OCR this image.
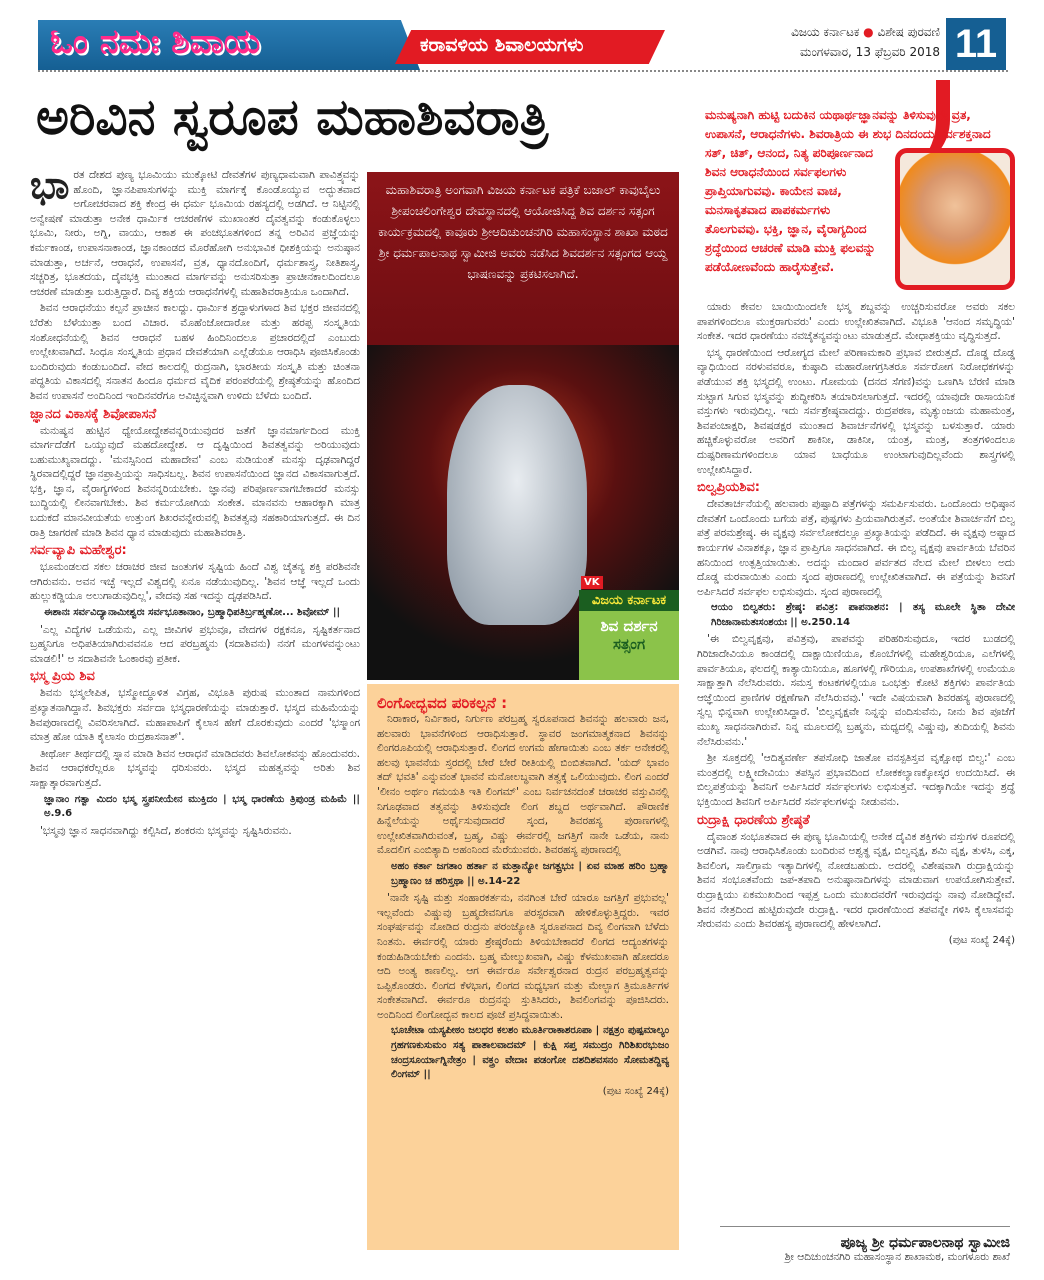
ಓಂ ನಮಃ ಶಿವಾಯ	ಕರಾವಳಿಯ ಶಿವಾಲಯಗಳು
ವಿಜಯ ಕರ್ನಾಟಕ ● ವಿಶೇಷ ಪುರವಣಿ
ಮಂಗಳವಾರ, 13 ಫೆಬ್ರವರಿ 2018 11
ಅರಿವಿನ ಸ್ವರೂಪ ಮಹಾಶಿವರಾತ್ರಿ

ಭಾರತ ದೇಶದ ಪುಣ್ಯ ಭೂಮಿಯು ಮುಕ್ಕೋಟಿ ದೇವತೆಗಳ ಪುಣ್ಯಧಾಮವಾಗಿ ಪಾವಿತ್ರ್ಯವನ್ನು ಹೊಂದಿ, ಜ್ಞಾನಪಿಪಾಸುಗಳನ್ನು ಮುಕ್ತಿ ಮಾರ್ಗಕ್ಕೆ ಕೊಂಡೊಯ್ಯುವ ಅದ್ಭುತವಾದ ಅಗೋಚರವಾದ ಶಕ್ತಿ ಕೇಂದ್ರ ಈ ಧರ್ಮ ಭೂಮಿಯ ರಹಸ್ಯದಲ್ಲಿ ಅಡಗಿದೆ. ಆ ನಿಟ್ಟಿನಲ್ಲಿ ಅನ್ವೇಷಣೆ ಮಾಡುತ್ತಾ ಅನೇಕ ಧಾರ್ಮಿಕ ಆಚರಣೆಗಳ ಮುಖಾಂತರ ದೈವತ್ವವನ್ನು ಕಂಡುಕೊಳ್ಳಲು ಭೂಮಿ, ನೀರು, ಅಗ್ನಿ, ವಾಯು, ಆಕಾಶ ಈ ಪಂಚಭೂತಗಳಿಂದ ತನ್ನ ಅರಿವಿನ ಪ್ರಜ್ಞೆಯನ್ನು ಕರ್ಮಕಾಂಡ, ಉಪಾಸನಾಕಾಂಡ, ಜ್ಞಾನಕಾಂಡದ ಮೊರೆಹೋಗಿ ಅನುಭಾವಿಕ ಧೀಶಕ್ತಿಯನ್ನು ಅನುಷ್ಠಾನ ಮಾಡುತ್ತಾ, ಅರ್ಚನೆ, ಆರಾಧನೆ, ಉಪಾಸನೆ, ವ್ರತ, ಧ್ಯಾನದೊಂದಿಗೆ, ಧರ್ಮಶಾಸ್ತ್ರ, ನೀತಿಶಾಸ್ತ್ರ, ಸಚ್ಚರಿತ್ರ, ಭೂತದಯ, ದೈವಭಕ್ತಿ ಮುಂತಾದ ಮಾರ್ಗವನ್ನು ಅನುಸರಿಸುತ್ತಾ ಪ್ರಾಚೀನಕಾಲದಿಂದಲೂ ಆಚರಣೆ ಮಾಡುತ್ತಾ ಬರುತ್ತಿದ್ದಾರೆ. ದಿವ್ಯ ಶಕ್ತಿಯ ಆರಾಧನೆಗಳಲ್ಲಿ ಮಹಾಶಿವರಾತ್ರಿಯೂ ಒಂದಾಗಿದೆ.

ಶಿವನ ಆರಾಧನೆಯು ಕಲ್ಪನೆ ಪ್ರಾಚೀನ ಕಾಲದ್ದು. ಧಾರ್ಮಿಕ ಶ್ರದ್ಧಾಳುಗಳಾದ ಶಿವ ಭಕ್ತರ ಜೀವನದಲ್ಲಿ ಬೆರೆತು ಬೆಳೆಯುತ್ತಾ ಬಂದ ವಿಚಾರ. ಮೊಹೆಂಜೋದಾರೋ ಮತ್ತು ಹರಪ್ಪ ಸಂಸ್ಕೃತಿಯ ಸಂಶೋಧನೆಯಲ್ಲಿ ಶಿವನ ಆರಾಧನೆ ಬಹಳ ಹಿಂದಿನಿಂದಲೂ ಪ್ರಚಾರದಲ್ಲಿದೆ ಎಂಬುದು ಉಲ್ಲೇಖವಾಗಿದೆ. ಸಿಂಧೂ ಸಂಸ್ಕೃತಿಯ ಪ್ರಧಾನ ದೇವತೆಯಾಗಿ ಎಲ್ಲೆಡೆಯೂ ಆರಾಧಿಸಿ ಪೂಜಿಸಿಕೊಂಡು ಬಂದಿರುವುದು ಕಂಡುಬಂದಿದೆ. ವೇದ ಕಾಲದಲ್ಲಿ ರುದ್ರನಾಗಿ, ಭಾರತೀಯ ಸಂಸ್ಕೃತಿ ಮತ್ತು ಚಿಂತನಾ ಪದ್ಧತಿಯ ವಿಕಾಸದಲ್ಲಿ ಸನಾತನ ಹಿಂದೂ ಧರ್ಮದ ವೈದಿಕ ಪರಂಪರೆಯಲ್ಲಿ ಶ್ರೇಷ್ಠತೆಯನ್ನು ಹೊಂದಿದ ಶಿವನ ಉಪಾಸನೆ ಅಂದಿನಿಂದ ಇಂದಿನವರೆಗೂ ಅವಿಚ್ಛಿನ್ನವಾಗಿ ಉಳಿದು ಬೆಳೆದು ಬಂದಿದೆ.

ಜ್ಞಾನದ ವಿಕಾಸಕ್ಕೆ ಶಿವೋಪಾಸನೆ

ಮನುಷ್ಯನ ಹುಟ್ಟಿನ ಧ್ಯೇಯೋದ್ದೇಶವನ್ನರಿಯುವುದರ ಜತೆಗೆ ಜ್ಞಾನಮಾರ್ಗದಿಂದ ಮುಕ್ತಿ ಮಾರ್ಗದೆಡೆಗೆ ಒಯ್ಯುವುದೆ ಮಹದೋದ್ದೇಶ. ಆ ದೃಷ್ಟಿಯಿಂದ ಶಿವತತ್ವವನ್ನು ಅರಿಯುವುದು ಬಹುಮುಖ್ಯವಾದದ್ದು. 'ಮನಸ್ಸಿನಿಂದ ಮಹಾದೇವ' ಎಂಬ ನುಡಿಯಂತೆ ಮನಸ್ಸು ದೃಢವಾಗಿದ್ದರೆ ಸ್ಥಿರವಾದಲ್ಲಿದ್ದರೆ ಜ್ಞಾನಪ್ರಾಪ್ತಿಯನ್ನು ಸಾಧಿಸಬಲ್ಲ. ಶಿವನ ಉಪಾಸನೆಯಿಂದ ಜ್ಞಾನದ ವಿಕಾಸವಾಗುತ್ತದೆ. ಭಕ್ತಿ, ಜ್ಞಾನ, ವೈರಾಗ್ಯಗಳಿಂದ ಶಿವನನ್ನರಿಯಬೇಕು. ಜ್ಞಾನವು ಪರಿಪೂರ್ಣವಾಗಬೇಕಾದರೆ ಮನಸ್ಸು ಬುದ್ಧಿಯಲ್ಲಿ ಲೀನವಾಗಬೇಕು. ಶಿವ ಕರ್ಮಯೋಗಿಯ ಸಂಕೇತ. ಮಾನವನು ಆಹಾರಕ್ಕಾಗಿ ಮಾತ್ರ ಬದುಕದೆ ಮಾನವೀಯತೆಯ ಉತ್ತುಂಗ ಶಿಖರವನ್ನೇರುವಲ್ಲಿ ಶಿವತತ್ವವು ಸಹಕಾರಿಯಾಗುತ್ತದೆ. ಈ ದಿನ ರಾತ್ರಿ ಜಾಗರಣೆ ಮಾಡಿ ಶಿವನ ಧ್ಯಾನ ಮಾಡುವುದು ಮಹಾಶಿವರಾತ್ರಿ.

ಸರ್ವವ್ಯಾಪಿ ಮಹೇಶ್ವರ:

ಭೂಮಂಡಲದ ಸಕಲ ಚರಾಚರ ಜೀವ ಜಂತುಗಳ ಸೃಷ್ಟಿಯ ಹಿಂದೆ ವಿಶ್ವ ಚೈತನ್ಯ ಶಕ್ತಿ ಪರಶಿವನೇ ಆಗಿರುವನು. ಅವನ ಇಚ್ಛೆ ಇಲ್ಲದೆ ವಿಶ್ವದಲ್ಲಿ ಏನೂ ನಡೆಯುವುದಿಲ್ಲ. 'ಶಿವನ ಆಜ್ಞೆ ಇಲ್ಲದೆ ಒಂದು ಹುಲ್ಲುಕಡ್ಡಿಯೂ ಅಲುಗಾಡುವುದಿಲ್ಲ', ವೇದವು ಸಹ ಇದನ್ನು ದೃಢಪಡಿಸಿದೆ.

ಈಶಾನಃ ಸರ್ವವಿದ್ಯಾನಾಮೀಶ್ವರಃ ಸರ್ವಭೂತಾನಾಂ, ಬ್ರಹ್ಮಾಧಿಪತಿರ್ಬ್ರಹ್ಮಣೋ... ಶಿವೋಮ್ ||

'ಎಲ್ಲ ವಿದ್ಯೆಗಳ ಒಡೆಯನು, ಎಲ್ಲ ಜೀವಿಗಳ ಪ್ರಭುವೂ, ವೇದಗಳ ರಕ್ಷಕನೂ, ಸೃಷ್ಟಿಕರ್ತನಾದ ಬ್ರಹ್ಮನಿಗೂ ಅಧಿಪತಿಯಾಗಿರುವವನೂ ಆದ ಪರಬ್ರಹ್ಮನು (ಸದಾಶಿವನು) ನನಗೆ ಮಂಗಳವನ್ನುಂಟು ಮಾಡಲಿ!' ಅ ಸದಾಶಿವನೇ ಓಂಕಾರವು ಪ್ರತೀಕ.

ಭಸ್ಮ ಪ್ರಿಯ ಶಿವ

ಶಿವನು ಭಸ್ಮಲೇಪಿತ, ಭಸ್ಮೋದ್ಧೂಳಿತ ವಿಗ್ರಹ, ವಿಭೂತಿ ಪುರುಷ ಮುಂತಾದ ನಾಮಗಳಿಂದ ಪ್ರಖ್ಯಾತನಾಗಿದ್ದಾನೆ. ಶಿವಭಕ್ತರು ಸರ್ವದಾ ಭಸ್ಮಧಾರಣೆಯನ್ನು ಮಾಡುತ್ತಾರೆ. ಭಸ್ಮದ ಮಹಿಮೆಯನ್ನು ಶಿವಪುರಾಣದಲ್ಲಿ ವಿವರಿಸಲಾಗಿದೆ. ಮಹಾಪಾಪಿಗೆ ಕೈಲಾಸ ಹೇಗೆ ದೊರಕುವುದು ಎಂದರೆ 'ಭಸ್ಮಾಂಗ ಮಾತ್ರ ಹೋ ಯಾತಿ ಕೈಲಾಸಂ ರುದ್ರಶಾಸನಾತ್'.

ತೀರ್ಥೋ ತೀರ್ಥದಲ್ಲಿ ಸ್ನಾನ ಮಾಡಿ ಶಿವನ ಆರಾಧನೆ ಮಾಡಿದವರು ಶಿವಲೋಕವನ್ನು ಹೊಂದುವರು. ಶಿವನ ಆರಾಧಕರೆಲ್ಲರೂ ಭಸ್ಮವನ್ನು ಧರಿಸುವರು. ಭಸ್ಮದ ಮಹತ್ವವನ್ನು ಅರಿತು ಶಿವ ಸಾಕ್ಷಾತ್ಕಾರವಾಗುತ್ತದೆ.

ಜ್ಞಾನಾಂ ಗತ್ವಾ ಮಿದಂ ಭಸ್ಮ ಸ್ತ್ರಪನೀಯೇನ ಮುಕ್ತಿದಂ | ಭಸ್ಮ ಧಾರಣೆಯ ತ್ರಿಪುಂಡ್ರ ಮಹಿಮೆ || ಅ.9.6

'ಭಸ್ಮವು ಜ್ಞಾನ ಸಾಧನವಾಗಿದ್ದು ಕಲ್ಪಿಸಿದೆ, ಶಂಕರನು ಭಸ್ಮವನ್ನು ಸೃಷ್ಟಿಸಿರುವನು.

ಮಹಾಶಿವರಾತ್ರಿ ಅಂಗವಾಗಿ ವಿಜಯ ಕರ್ನಾಟಕ ಪತ್ರಿಕೆ ಬಜಾಲ್ ಕಾವುಬೈಲು ಶ್ರೀಪಂಚಲಿಂಗೇಶ್ವರ ದೇವಸ್ಥಾನದಲ್ಲಿ ಆಯೋಜಿಸಿದ್ದ ಶಿವ ದರ್ಶನ ಸತ್ಸಂಗ ಕಾರ್ಯಕ್ರಮದಲ್ಲಿ ಕಾವೂರು ಶ್ರೀಆದಿಚುಂಚನಗಿರಿ ಮಹಾಸಂಸ್ಥಾನ ಶಾಖಾ ಮಠದ ಶ್ರೀ ಧರ್ಮಪಾಲನಾಥ ಸ್ವಾಮೀಜಿ ಅವರು ನಡೆಸಿದ ಶಿವದರ್ಶನ ಸತ್ಸಂಗದ ಆಯ್ದ ಭಾಷಣವನ್ನು ಪ್ರಕಟಿಸಲಾಗಿದೆ.
VK
ವಿಜಯ ಕರ್ನಾಟಕ
ಶಿವ ದರ್ಶನ
ಸತ್ಸಂಗ
ಲಿಂಗೋದ್ಭವದ ಪರಿಕಲ್ಪನೆ :

ನಿರಾಕಾರ, ನಿರ್ವಿಕಾರ, ನಿರ್ಗುಣ ಪರಬ್ರಹ್ಮ ಸ್ವರೂಪನಾದ ಶಿವನನ್ನು ಹಲವಾರು ಜನ, ಹಲವಾರು ಭಾವನೆಗಳಿಂದ ಆರಾಧಿಸುತ್ತಾರೆ. ಸ್ಥಾವರ ಜಂಗಮಾತ್ಮಕನಾದ ಶಿವನನ್ನು ಲಿಂಗರೂಪಿಯಲ್ಲಿ ಆರಾಧಿಸುತ್ತಾರೆ. ಲಿಂಗದ ಉಗಮ ಹೇಗಾಯಿತು ಎಂಬ ತರ್ಕ ಅನೇಕರಲ್ಲಿ ಹಲವು ಭಾವನೆಯ ಸ್ತರದಲ್ಲಿ ಬೇರೆ ಬೇರೆ ರೀತಿಯಲ್ಲಿ ಬಿಂಬಿತವಾಗಿದೆ. 'ಯದ್ ಭಾವಂ ತದ್ ಭವತಿ' ಎನ್ನುವಂತೆ ಭಾವನೆ ಮನೋಲಬ್ಧವಾಗಿ ತತ್ವಕ್ಕೆ ಒಲಿಯುವುದು. ಲಿಂಗ ಎಂದರೆ 'ಲೀನಂ ಅರ್ಥಂ ಗಮಯತಿ ಇತಿ ಲಿಂಗಮ್' ಎಂಬ ನಿರ್ವಚನದಂತೆ ಚರಾಚರ ವಸ್ತುವಿನಲ್ಲಿ ನಿಗೂಢವಾದ ತತ್ವವನ್ನು ತಿಳಿಸುವುದೇ ಲಿಂಗ ಶಬ್ದದ ಅರ್ಥವಾಗಿದೆ. ಪೌರಾಣಿಕ ಹಿನ್ನೆಲೆಯನ್ನು ಅರ್ಥೈಸುವುದಾದರೆ ಸ್ಕಂದ, ಶಿವರಹಸ್ಯ ಪುರಾಣಗಳಲ್ಲಿ ಉಲ್ಲೇಖಿತವಾಗಿರುವಂತೆ, ಬ್ರಹ್ಮ, ವಿಷ್ಣು ಈರ್ವರಲ್ಲಿ ಜಗತ್ತಿಗೆ ನಾನೇ ಒಡೆಯ, ನಾನು ಮೊದಲಿಗ ಎಂಬಿತ್ಯಾದಿ ಅಹಂನಿಂದ ಮೆರೆಯುವರು. ಶಿವರಹಸ್ಯ ಪುರಾಣದಲ್ಲಿ

ಅಹಂ ಕರ್ತಾ ಜಗತಾಂ ಹರ್ತಾ ನ ಮತ್ತಾನ್ಯೋ ಜಗತ್ಪ್ರಭುಃ | ಏವ ಮಾಹ ಹರಿಂ ಬ್ರಹ್ಮಾ ಬ್ರಹ್ಮಾಣಂ ಚ ಹರಿಸ್ತಥಾ || ಅ.14-22

'ನಾನೇ ಸೃಷ್ಟಿ ಮತ್ತು ಸಂಹಾರಕರ್ತನು, ನನಗಿಂತ ಬೇರೆ ಯಾರೂ ಜಗತ್ತಿಗೆ ಪ್ರಭುವಲ್ಲ' ಇಲ್ಲವೆಂದು ವಿಷ್ಣುವು ಬ್ರಹ್ಮದೇವನಿಗೂ ಪರಸ್ಪರವಾಗಿ ಹೇಳಿಕೊಳ್ಳುತ್ತಿದ್ದರು. ಇವರ ಸಂಘರ್ಷವನ್ನು ನೋಡಿದ ರುದ್ರನು ಪರಂಜ್ಯೋತಿ ಸ್ವರೂಪನಾದ ದಿವ್ಯ ಲಿಂಗವಾಗಿ ಬೆಳೆದು ನಿಂತನು. ಈರ್ವರಲ್ಲಿ ಯಾರು ಶ್ರೇಷ್ಠರೆಂದು ತಿಳಿಯಬೇಕಾದರೆ ಲಿಂಗದ ಆದ್ಯಂತಗಳನ್ನು ಕಂಡುಹಿಡಿಯಬೇಕು ಎಂದನು. ಬ್ರಹ್ಮ ಮೇಲ್ಮುಖವಾಗಿ, ವಿಷ್ಣು ಕೆಳಮುಖವಾಗಿ ಹೋದರೂ ಆದಿ ಅಂತ್ಯ ಕಾಣಲಿಲ್ಲ. ಆಗ ಈರ್ವರೂ ಸರ್ವೇಶ್ವರನಾದ ರುದ್ರನ ಪರಬ್ರಹ್ಮತ್ವವನ್ನು ಒಪ್ಪಿಕೊಂಡರು. ಲಿಂಗದ ಕೆಳಭಾಗ, ಲಿಂಗದ ಮಧ್ಯಭಾಗ ಮತ್ತು ಮೇಲ್ಭಾಗ ತ್ರಿಮೂರ್ತಿಗಳ ಸಂಕೇತವಾಗಿದೆ. ಈರ್ವರೂ ರುದ್ರನನ್ನು ಸ್ತುತಿಸಿದರು, ಶಿವಲಿಂಗವನ್ನು ಪೂಜಿಸಿದರು. ಅಂದಿನಿಂದ ಲಿಂಗೋದ್ಭವ ಕಾಲದ ಪೂಜೆ ಪ್ರಸಿದ್ಧವಾಯಿತು.

ಭೂಚೇಟಾ ಯಸ್ಯಪೀಠಂ ಜಲಧರ ಕಲಶಂ ಮೂರ್ತಿರಾಕಾಶರೂಪಾ | ನಕ್ಷತ್ರಂ ಪುಷ್ಪಮಾಲ್ಯಂ ಗ್ರಹಗಣಕುಸುಮಂ ಸತ್ಯ ಪಾತಾಲವಾದಮ್ | ಕುಕ್ಷಿ ಸಪ್ತ ಸಮುದ್ರಂ ಗಿರಿಶಿಖರಭುಜಂ ಚಂದ್ರಸೂರ್ಯಾಗ್ನಿನೇತ್ರಂ | ವಕ್ತ್ರಂ ವೇದಾಃ ಪಡಂಗೋ ದಶದಿಶವಸನಂ ಸೋಮತದ್ದಿವ್ಯ ಲಿಂಗಮ್ ||

(ಪುಟ ಸಂಖ್ಯೆ 24ಕ್ಕೆ)

ಮನುಷ್ಯನಾಗಿ ಹುಟ್ಟಿ ಬದುಕಿನ ಯಥಾರ್ಥಜ್ಞಾನವನ್ನು ತಿಳಿಸುವುದೇ ವ್ರತ, ಉಪಾಸನೆ, ಆರಾಧನೆಗಳು. ಶಿವರಾತ್ರಿಯ ಈ ಶುಭ ದಿನದಂದು ಸರ್ವಶಕ್ತನಾದ ಸತ್, ಚಿತ್, ಆನಂದ, ನಿತ್ಯ ಪರಿಪೂರ್ಣನಾದ ಶಿವನ ಆರಾಧನೆಯಿಂದ ಸರ್ವಫಲಗಳು ಪ್ರಾಪ್ತಿಯಾಗುವವು. ಕಾಯೇನ ವಾಚ, ಮನಸಾಕೃತವಾದ ಪಾಪಕರ್ಮಗಳು ತೊಲಗುವವು. ಭಕ್ತಿ, ಜ್ಞಾನ, ವೈರಾಗ್ಯದಿಂದ ಶ್ರದ್ಧೆಯಿಂದ ಆಚರಣೆ ಮಾಡಿ ಮುಕ್ತಿ ಫಲವನ್ನು ಪಡೆಯೋಣವೆಂದು ಹಾರೈಸುತ್ತೇವೆ.

ಯಾರು ಕೇವಲ ಬಾಯಿಯಿಂದಲೇ ಭಸ್ಮ ಶಬ್ದವನ್ನು ಉಚ್ಚರಿಸುವರೋ ಅವರು ಸಕಲ ಪಾಪಗಳಿಂದಲೂ ಮುಕ್ತರಾಗುವರು' ಎಂದು ಉಲ್ಲೇಖಿತವಾಗಿದೆ. ವಿಭೂತಿ 'ಆನಂದ ಸಮೃದ್ಧಿಯ' ಸಂಕೇತ. ಇದರ ಧಾರಣೆಯು ನವಚೈತನ್ಯವನ್ನುಂಟು ಮಾಡುತ್ತದೆ. ಮೇಧಾಶಕ್ತಿಯು ವೃದ್ಧಿಸುತ್ತದೆ.

ಭಸ್ಮ ಧಾರಣೆಯಿಂದ ಆರೋಗ್ಯದ ಮೇಲೆ ಪರಿಣಾಮಕಾರಿ ಪ್ರಭಾವ ಬೀರುತ್ತದೆ. ದೊಡ್ಡ ದೊಡ್ಡ ವ್ಯಾಧಿಯಿಂದ ನರಳುವವರೂ, ಕುಷ್ಠಾದಿ ಮಹಾರೋಗಗ್ರಸಿತರೂ ಸರ್ವರೋಗ ನಿರೋಧಕಗಳನ್ನು ಪಡೆಯುವ ಶಕ್ತಿ ಭಸ್ಮದಲ್ಲಿ ಉಂಟು. ಗೋಮಯ (ದನದ ಸೆಗಣಿ)ವನ್ನು ಒಣಗಿಸಿ ಬೆರಣಿ ಮಾಡಿ ಸುಟ್ಟಾಗ ಸಿಗುವ ಭಸ್ಮವನ್ನು ಶುದ್ಧೀಕರಿಸಿ ತಯಾರಿಸಲಾಗುತ್ತದೆ. ಇದರಲ್ಲಿ ಯಾವುದೇ ರಾಸಾಯನಿಕ ವಸ್ತುಗಳು ಇರುವುದಿಲ್ಲ. ಇದು ಸರ್ವಶ್ರೇಷ್ಠವಾದದ್ದು. ರುದ್ರಪಠಣ, ಮೃತ್ಯುಂಜಯ ಮಹಾಮಂತ್ರ, ಶಿವಪಂಚಾಕ್ಷರಿ, ಶಿವಷಡಕ್ಷರ ಮುಂತಾದ ಶಿವಾರ್ಚನೆಗಳಲ್ಲಿ ಭಸ್ಮವನ್ನು ಬಳಸುತ್ತಾರೆ. ಯಾರು ಹಚ್ಚಿಕೊಳ್ಳುವರೋ ಅವರಿಗೆ ಶಾಕಿನೀ, ಡಾಕಿನೀ, ಯಂತ್ರ, ಮಂತ್ರ, ತಂತ್ರಗಳಿಂದಲೂ ದುಷ್ಪರಿಣಾಮಗಳಿಂದಲೂ ಯಾವ ಬಾಧೆಯೂ ಉಂಟಾಗುವುದಿಲ್ಲವೆಂದು ಶಾಸ್ತ್ರಗಳಲ್ಲಿ ಉಲ್ಲೇಖಿಸಿದ್ದಾರೆ.

ಬಿಲ್ವಪ್ರಿಯಶಿವ:

ದೇವತಾರ್ಚನೆಯಲ್ಲಿ ಹಲವಾರು ಪುಷ್ಪಾದಿ ಪತ್ರೆಗಳನ್ನು ಸಮರ್ಪಿಸುವರು. ಒಂದೊಂದು ಅಧಿಷ್ಠಾನ ದೇವತೆಗೆ ಒಂದೊಂದು ಬಗೆಯ ಪತ್ರೆ, ಪುಷ್ಪಗಳು ಪ್ರಿಯವಾಗಿರುತ್ತವೆ. ಅಂತೆಯೇ ಶಿವಾರ್ಚನೆಗೆ ಬಿಲ್ವ ಪತ್ರೆ ಪರಮಶ್ರೇಷ್ಠ. ಈ ವೃಕ್ಷವು ಸರ್ವಲೋಕದಲ್ಲೂ ಪ್ರಖ್ಯಾತಿಯನ್ನು ಪಡೆದಿದೆ. ಈ ವೃಕ್ಷವು ಅಷ್ಟಾದ ಕಾರ್ಯಗಳ ವಿನಾಶಕ್ಕೂ, ಜ್ಞಾನ ಪ್ರಾಪ್ತಿಗೂ ಸಾಧನವಾಗಿದೆ. ಈ ಬಿಲ್ವ ವೃಕ್ಷವು ಪಾರ್ವತಿಯ ಬೆವರಿನ ಹನಿಯಿಂದ ಉತ್ಪತ್ತಿಯಾಯಿತು. ಅದನ್ನು ಮಂದಾರ ಪರ್ವತದ ನೆಲದ ಮೇಲೆ ಬೀಳಲು ಅದು ದೊಡ್ಡ ಮರವಾಯಿತು ಎಂದು ಸ್ಕಂದ ಪುರಾಣದಲ್ಲಿ ಉಲ್ಲೇಖಿತವಾಗಿದೆ. ಈ ಪತ್ರೆಯನ್ನು ಶಿವನಿಗೆ ಅರ್ಪಿಸಿದರೆ ಸರ್ವಫಲ ಲಭಿಸುವುದು. ಸ್ಕಂದ ಪುರಾಣದಲ್ಲಿ

ಆಯಂ ಬಿಲ್ವತರು: ಶ್ರೇಷ್ಠ: ಪವಿತ್ರ: ಪಾಪನಾಶನ: | ತಸ್ಯ ಮೂಲೇ ಸ್ಥಿತಾ ದೇವೀ ಗಿರಿಜಾನಾಮತಃಸಂಶಯಃ || ಅ.250.14

'ಈ ಬಿಲ್ವವೃಕ್ಷವು, ಪವಿತ್ರವು, ಪಾಪವನ್ನು ಪರಿಹರಿಸುವುದೂ, ಇದರ ಬುಡದಲ್ಲಿ ಗಿರಿಜಾದೇವಿಯೂ ಕಾಂಡದಲ್ಲಿ ದಾಕ್ಷಾಯಿಣಿಯೂ, ಕೊಂಬೆಗಳಲ್ಲಿ ಮಹೇಶ್ವರಿಯೂ, ಎಲೆಗಳಲ್ಲಿ ಪಾರ್ವತಿಯೂ, ಫಲದಲ್ಲಿ ಕಾತ್ಯಾಯಿನಿಯೂ, ಹೂಗಳಲ್ಲಿ ಗೌರಿಯೂ, ಉಪಶಾಖೆಗಳಲ್ಲಿ ಉಮೆಯೂ ಸಾಕ್ಷಾತ್ತಾಗಿ ನೆಲೆಸಿರುವರು. ಸಮಸ್ತ ಕಂಟಕಗಳಲ್ಲಿಯೂ ಒಂಭತ್ತು ಕೋಟಿ ಶಕ್ತಿಗಳು ಪಾರ್ವತಿಯ ಆಜ್ಞೆಯಿಂದ ಪ್ರಾಣಿಗಳ ರಕ್ಷಣೆಗಾಗಿ ನೆಲೆಸಿರುವವು.' ಇದೇ ವಿಷಯವಾಗಿ ಶಿವರಹಸ್ಯ ಪುರಾಣದಲ್ಲಿ ಸ್ವಲ್ಪ ಭಿನ್ನವಾಗಿ ಉಲ್ಲೇಖಿಸಿದ್ದಾರೆ. 'ಬಿಲ್ವವೃಕ್ಷವೇ ನಿನ್ನನ್ನು ವಂದಿಸುವೆನು, ನೀನು ಶಿವ ಪೂಜೆಗೆ ಮುಖ್ಯ ಸಾಧನನಾಗಿರುವೆ. ನಿನ್ನ ಮೂಲದಲ್ಲಿ ಬ್ರಹ್ಮನು, ಮಧ್ಯದಲ್ಲಿ ವಿಷ್ಣುವು, ತುದಿಯಲ್ಲಿ ಶಿವನು ನೆಲೆಸಿರುವನು.'

ಶ್ರೀ ಸೂಕ್ತದಲ್ಲಿ 'ಆದಿತ್ಯವರ್ಣೇ ತಪಸೋಧಿ ಜಾತೋ ವನಸ್ಪತಿಸ್ತವ ವೃಕ್ಷೋಥ ಬಿಲ್ವ:' ಎಂಬ ಮಂತ್ರದಲ್ಲಿ ಲಕ್ಷ್ಮೀದೇವಿಯು ತಪಸ್ಸಿನ ಪ್ರಭಾವದಿಂದ ಲೋಕಕಲ್ಯಾಣಕ್ಕೋಸ್ಕರ ಉದಯಿಸಿದೆ. ಈ ಬಿಲ್ವಪತ್ರೆಯನ್ನು ಶಿವನಿಗೆ ಅರ್ಪಿಸಿದರೆ ಸರ್ವಫಲಗಳು ಲಭಿಸುತ್ತವೆ. ಇದಕ್ಕಾಗಿಯೇ ಇದನ್ನು ಶ್ರದ್ಧೆ ಭಕ್ತಿಯಿಂದ ಶಿವನಿಗೆ ಅರ್ಪಿಸಿದರೆ ಸರ್ವಫಲಗಳನ್ನು ನೀಡುವನು.

ರುದ್ರಾಕ್ಷಿ ಧಾರಣೆಯ ಶ್ರೇಷ್ಠತೆ

ದೈವಾಂಶ ಸಂಭೂತವಾದ ಈ ಪುಣ್ಯ ಭೂಮಿಯಲ್ಲಿ ಅನೇಕ ದೈವಿಕ ಶಕ್ತಿಗಳು ವಸ್ತುಗಳ ರೂಪದಲ್ಲಿ ಅಡಗಿವೆ. ನಾವು ಆರಾಧಿಸಿಕೊಂಡು ಬಂದಿರುವ ಅಶ್ವತ್ಥ ವೃಕ್ಷ, ಬಿಲ್ವವೃಕ್ಷ, ಶಮಿ ವೃಕ್ಷ, ತುಳಸಿ, ಎಕ್ಕ, ಶಿವಲಿಂಗ, ಸಾಲಿಗ್ರಾಮ ಇತ್ಯಾದಿಗಳಲ್ಲಿ ನೋಡಬಹುದು. ಅದರಲ್ಲಿ ವಿಶೇಷವಾಗಿ ರುದ್ರಾಕ್ಷಿಯನ್ನು ಶಿವನ ಸಂಭೂತವೆಂದು ಜಪ-ತಪಾದಿ ಅನುಷ್ಠಾನಾದಿಗಳನ್ನು ಮಾಡುವಾಗ ಉಪಯೋಗಿಸುತ್ತೇವೆ. ರುದ್ರಾಕ್ಷಿಯು ಏಕಮುಖದಿಂದ ಇಪ್ಪತ್ತ ಒಂದು ಮುಖದವರೆಗೆ ಇರುವುದನ್ನು ನಾವು ನೋಡಿದ್ದೇವೆ. ಶಿವನ ನೇತ್ರದಿಂದ ಹುಟ್ಟಿರುವುದೇ ರುದ್ರಾಕ್ಷಿ. ಇದರ ಧಾರಣೆಯಿಂದ ತಪವನ್ನೇ ಗಳಿಸಿ ಕೈಲಾಸವನ್ನು ಸೇರುವನು ಎಂದು ಶಿವರಹಸ್ಯ ಪುರಾಣದಲ್ಲಿ ಹೇಳಲಾಗಿದೆ.

(ಪುಟ ಸಂಖ್ಯೆ 24ಕ್ಕೆ)

ಪೂಜ್ಯ ಶ್ರೀ ಧರ್ಮಪಾಲನಾಥ ಸ್ವಾಮೀಜಿ
ಶ್ರೀ ಆದಿಚುಂಚನಗಿರಿ ಮಹಾಸಂಸ್ಥಾನ ಶಾಖಾಮಠ, ಮಂಗಳೂರು ಶಾಖೆ
